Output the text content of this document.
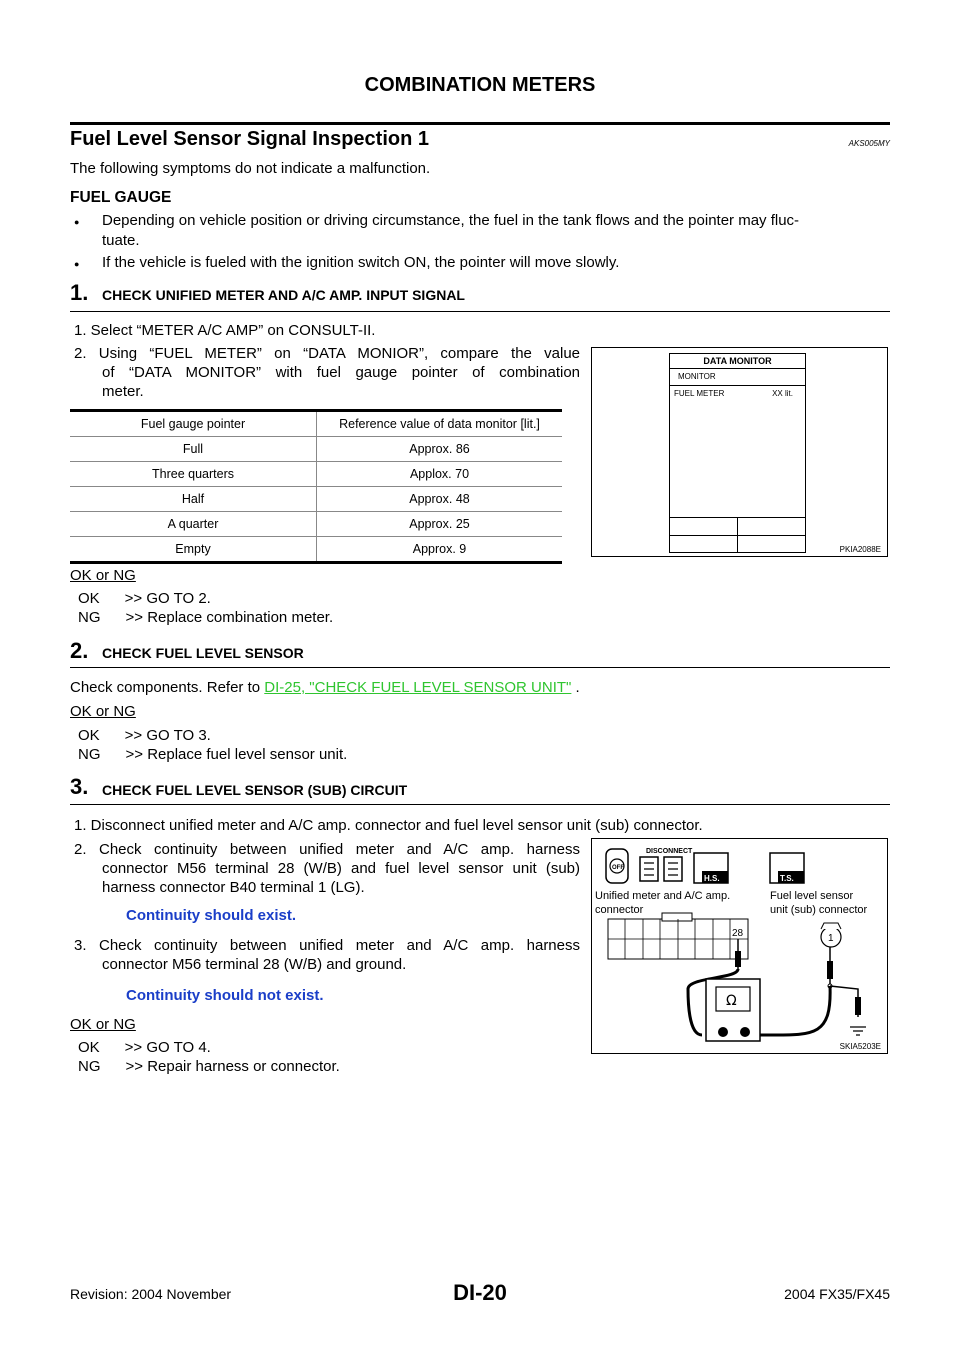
COMBINATION METERS
Fuel Level Sensor Signal Inspection 1	AKS005MY
The following symptoms do not indicate a malfunction.
FUEL GAUGE
● Depending on vehicle position or driving circumstance, the fuel in the tank flows and the pointer may fluc-
tuate.
● If the vehicle is fueled with the ignition switch ON, the pointer will move slowly.
1. CHECK UNIFIED METER AND A/C AMP. INPUT SIGNAL
1. Select “METER A/C AMP” on CONSULT-II.
2. Using “FUEL METER” on “DATA MONIOR”, compare the value
of “DATA MONITOR” with fuel gauge pointer of combination
meter.
Fuel gauge pointer	Reference value of data monitor [lit.]
Full	Approx. 86
Three quarters	Applox. 70
Half	Approx. 48
A quarter	Approx. 25
Empty	Approx. 9
DATA MONITOR
MONITOR
FUEL METER	XX lit.
PKIA2088E
OK or NG
OK      >> GO TO 2.
NG      >> Replace combination meter.
2. CHECK FUEL LEVEL SENSOR
Check components. Refer to DI-25, "CHECK FUEL LEVEL SENSOR UNIT" .
OK or NG
OK      >> GO TO 3.
NG      >> Replace fuel level sensor unit.
3. CHECK FUEL LEVEL SENSOR (SUB) CIRCUIT
1. Disconnect unified meter and A/C amp. connector and fuel level sensor unit (sub) connector.
2. Check continuity between unified meter and A/C amp. harness
connector M56 terminal 28 (W/B) and fuel level sensor unit (sub)
harness connector B40 terminal 1 (LG).
Continuity should exist.
3. Check continuity between unified meter and A/C amp. harness
connector M56 terminal 28 (W/B) and ground.
Continuity should not exist.
OK or NG
OK      >> GO TO 4.
NG      >> Repair harness or connector.
OFF
DISCONNECT
H.S.	T.S.
Unified meter and A/C amp.
connector
Fuel level sensor
unit (sub) connector
28	1
Ω
SKIA5203E
Revision: 2004 November	DI-20	2004 FX35/FX45
